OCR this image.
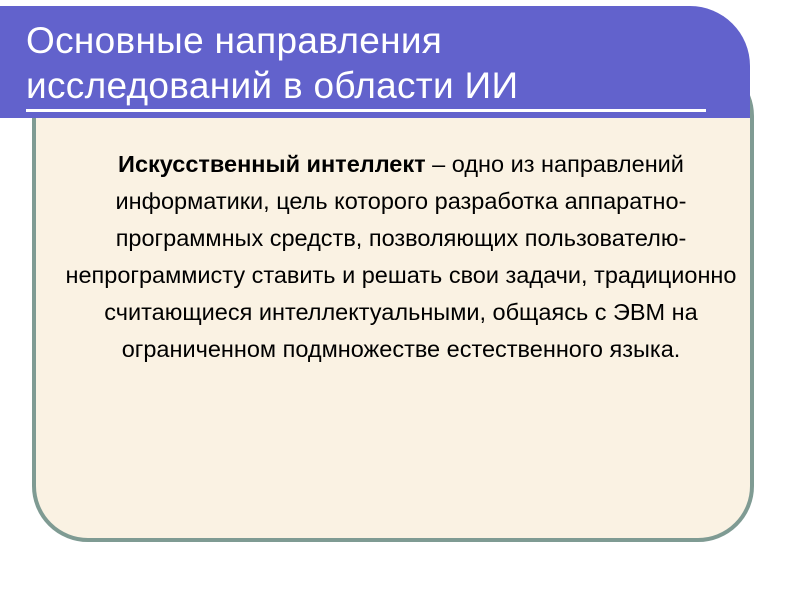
Основные направления
исследований в области ИИ

Искусственный интеллект – одно из направлений информатики, цель которого разработка аппаратно-программных средств, позволяющих пользователю-непрограммисту ставить и решать свои задачи, традиционно считающиеся интеллектуальными, общаясь с ЭВМ на ограниченном подмножестве естественного языка.
